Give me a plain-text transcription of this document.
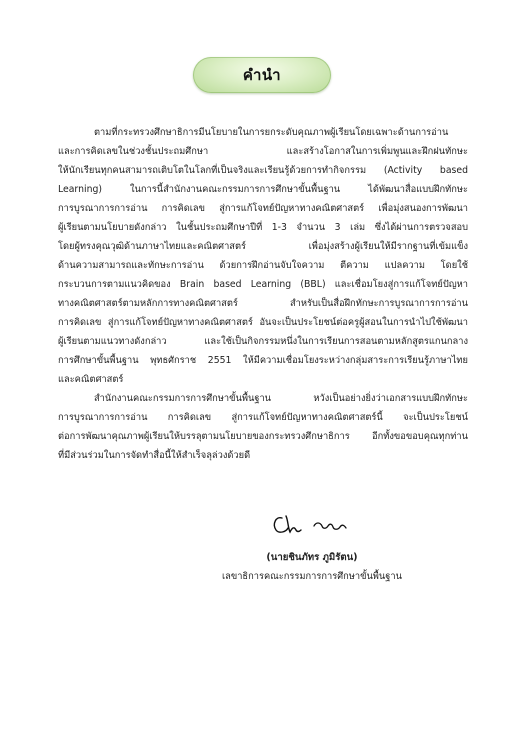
คำนำ
ตามที่กระทรวงศึกษาธิการมีนโยบายในการยกระดับคุณภาพผู้เรียนโดยเฉพาะด้านการอ่าน
และการคิดเลขในช่วงชั้นประถมศึกษา และสร้างโอกาสในการเพิ่มพูนและฝึกฝนทักษะ
ให้นักเรียนทุกคนสามารถเติบโตในโลกที่เป็นจริงและเรียนรู้ด้วยการทำกิจกรรม (Activity based
Learning) ในการนี้สำนักงานคณะกรรมการการศึกษาขั้นพื้นฐาน ได้พัฒนาสื่อแบบฝึกทักษะ
การบูรณาการการอ่าน การคิดเลข สู่การแก้โจทย์ปัญหาทางคณิตศาสตร์ เพื่อมุ่งสนองการพัฒนา
ผู้เรียนตามนโยบายดังกล่าว ในชั้นประถมศึกษาปีที่ 1-3 จำนวน 3 เล่ม ซึ่งได้ผ่านการตรวจสอบ
โดยผู้ทรงคุณวุฒิด้านภาษาไทยและคณิตศาสตร์ เพื่อมุ่งสร้างผู้เรียนให้มีรากฐานที่เข้มแข็ง
ด้านความสามารถและทักษะการอ่าน ด้วยการฝึกอ่านจับใจความ ตีความ แปลความ โดยใช้
กระบวนการตามแนวคิดของ Brain based Learning (BBL) และเชื่อมโยงสู่การแก้โจทย์ปัญหา
ทางคณิตศาสตร์ตามหลักการทางคณิตศาสตร์ สำหรับเป็นสื่อฝึกทักษะการบูรณาการการอ่าน
การคิดเลข สู่การแก้โจทย์ปัญหาทางคณิตศาสตร์ อันจะเป็นประโยชน์ต่อครูผู้สอนในการนำไปใช้พัฒนา
ผู้เรียนตามแนวทางดังกล่าว และใช้เป็นกิจกรรมหนึ่งในการเรียนการสอนตามหลักสูตรแกนกลาง
การศึกษาขั้นพื้นฐาน พุทธศักราช 2551 ให้มีความเชื่อมโยงระหว่างกลุ่มสาระการเรียนรู้ภาษาไทย
และคณิตศาสตร์
สำนักงานคณะกรรมการการศึกษาขั้นพื้นฐาน หวังเป็นอย่างยิ่งว่าเอกสารแบบฝึกทักษะ
การบูรณาการการอ่าน การคิดเลข สู่การแก้โจทย์ปัญหาทางคณิตศาสตร์นี้ จะเป็นประโยชน์
ต่อการพัฒนาคุณภาพผู้เรียนให้บรรลุตามนโยบายของกระทรวงศึกษาธิการ อีกทั้งขอขอบคุณทุกท่าน
ที่มีส่วนร่วมในการจัดทำสื่อนี้ให้สำเร็จลุล่วงด้วยดี
(นายชินภัทร ภูมิรัตน)
เลขาธิการคณะกรรมการการศึกษาขั้นพื้นฐาน
